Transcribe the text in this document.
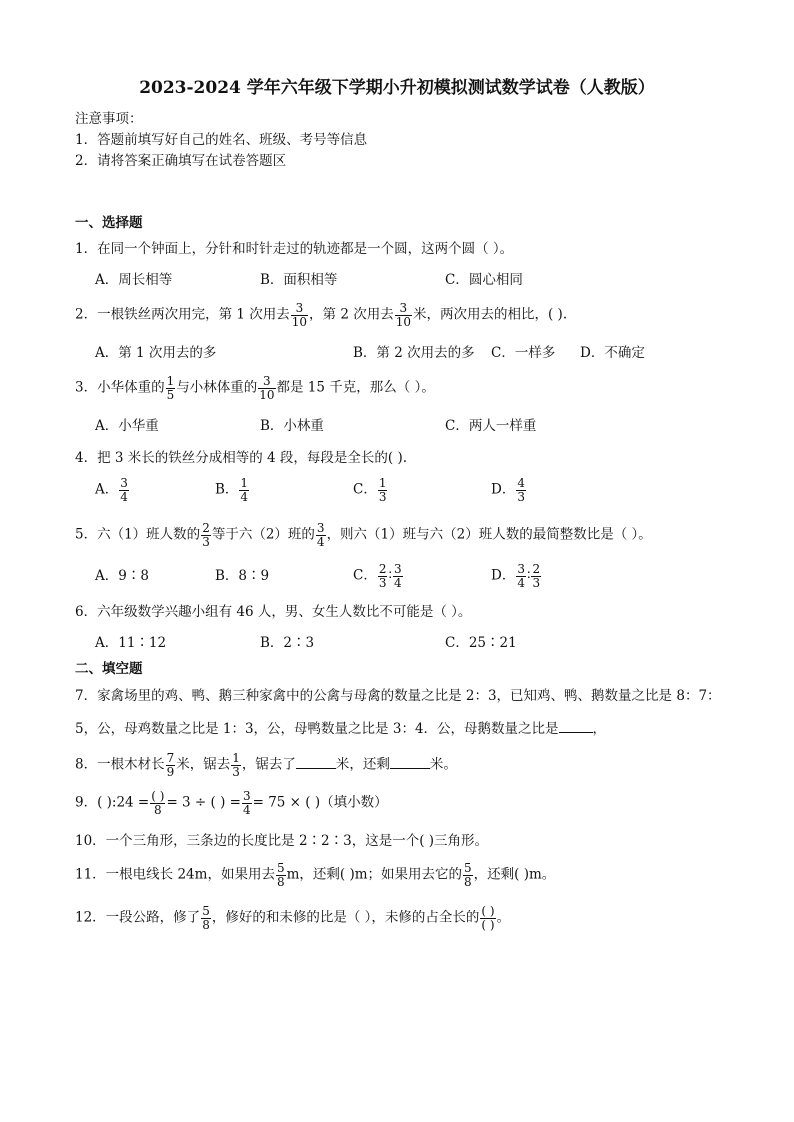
2023-2024 学年六年级下学期小升初模拟测试数学试卷（人教版）
注意事项：
1．答题前填写好自己的姓名、班级、考号等信息
2．请将答案正确填写在试卷答题区
一、选择题
1．在同一个钟面上，分针和时针走过的轨迹都是一个圆，这两个圆（ ）。
A．周长相等	B．面积相等	C．圆心相同
2．一根铁丝两次用完，第 1 次用去 $\frac{3}{10}$ ，第 2 次用去 $\frac{3}{10}$ 米，两次用去的相比，( ).
A．第 1 次用去的多	B．第 2 次用去的多 C．一样多 D．不确定
3．小华体重的 $\frac{1}{5}$ 与小林体重的 $\frac{3}{10}$ 都是 15 千克，那么（ ）。
A．小华重	B．小林重	C．两人一样重
4．把 3 米长的铁丝分成相等的 4 段，每段是全长的( ).
A． $\frac{3}{4}$	B． $\frac{1}{4}$	C． $\frac{1}{3}$	D． $\frac{4}{3}$
5．六（1）班人数的 $\frac{2}{3}$ 等于六（2）班的 $\frac{3}{4}$ ，则六（1）班与六（2）班人数的最简整数比是（ ）。
A．9∶8	B．8∶9	C． $\frac{2}{3}$ ∶ $\frac{3}{4}$	D． $\frac{3}{4}$ ∶ $\frac{2}{3}$
6．六年级数学兴趣小组有 46 人，男、女生人数比不可能是（ ）。
A．11∶12	B．2∶3	C．25∶21
二、填空题
7．家禽场里的鸡、鸭、鹅三种家禽中的公禽与母禽的数量之比是 2：3，已知鸡、鸭、鹅数量之比是 8：7：
5，公，母鸡数量之比是 1：3，公，母鸭数量之比是 3：4．公，母鹅数量之比是	，
8．一根木材长 $\frac{7}{9}$ 米，锯去 $\frac{1}{3}$ ，锯去了	米，还剩	米。
9．( ):24 = ( )
8 = 3 ÷ ( ) = $\frac{3}{4} = 75$ × ( )（填小数）
10．一个三角形，三条边的长度比是 2∶2∶3，这是一个( )三角形。
11．一根电线长 24m，如果用去 $\frac{5}{8}$ m，还剩( )m；如果用去它的 $\frac{5}{8}$ ，还剩( )m。
12．一段公路，修了 $\frac{5}{8}$ ，修好的和未修的比是（ ），未修的占全长的 ( )
( ) 。
